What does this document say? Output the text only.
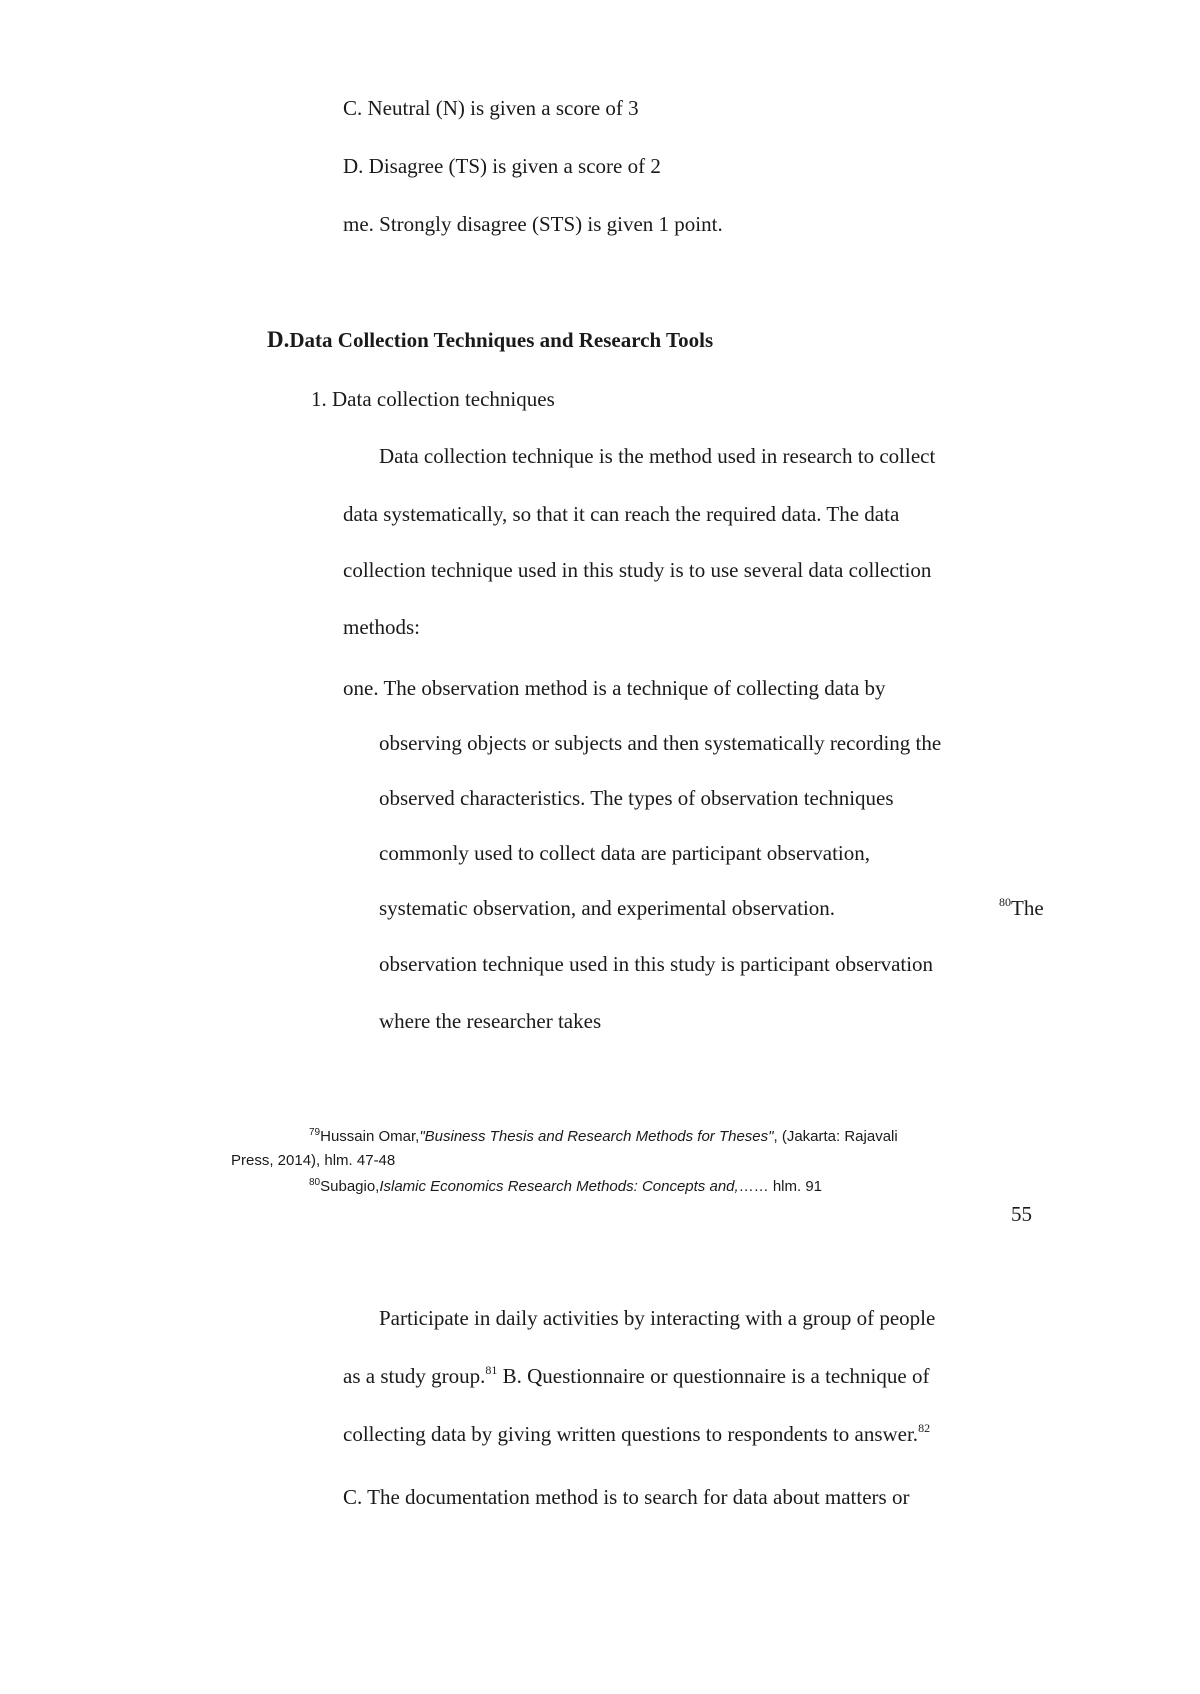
C. Neutral (N) is given a score of 3
D. Disagree (TS) is given a score of 2
me. Strongly disagree (STS) is given 1 point.
D.Data Collection Techniques and Research Tools
1. Data collection techniques
Data collection technique is the method used in research to collect
data systematically, so that it can reach the required data. The data
collection technique used in this study is to use several data collection
methods:
one. The observation method is a technique of collecting data by
observing objects or subjects and then systematically recording the
observed characteristics. The types of observation techniques
commonly used to collect data are participant observation,
systematic observation, and experimental observation.	$^{80}$The
observation technique used in this study is participant observation
where the researcher takes
$^{79}$Hussain Omar,"Business Thesis and Research Methods for Theses", (Jakarta: Rajavali
Press, 2014), hlm. 47-48
$^{80}$Subagio,Islamic Economics Research Methods: Concepts and,…… hlm. 91
55
Participate in daily activities by interacting with a group of people
as a study group.$^{81}$ B. Questionnaire or questionnaire is a technique of
collecting data by giving written questions to respondents to answer.$^{82}$
C. The documentation method is to search for data about matters or
